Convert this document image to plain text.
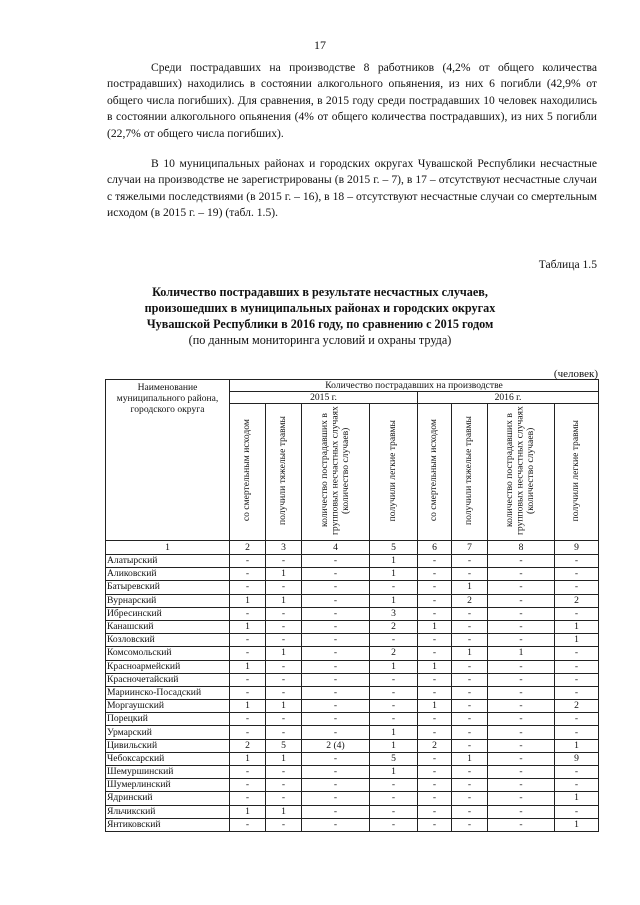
17

Среди пострадавших на производстве 8 работников (4,2% от общего количества пострадавших) находились в состоянии алкогольного опьянения, из них 6 погибли (42,9% от общего числа погибших). Для сравнения, в 2015 году среди пострадавших 10 человек находились в состоянии алкогольного опьянения (4% от общего количества пострадавших), из них 5 погибли (22,7% от общего числа погибших).

В 10 муниципальных районах и городских округах Чувашской Республики несчастные случаи на производстве не зарегистрированы (в 2015 г. – 7), в 17 – отсутствуют несчастные случаи с тяжелыми последствиями (в 2015 г. – 16), в 18 – отсутствуют несчастные случаи со смертельным исходом (в 2015 г. – 19) (табл. 1.5).

Таблица 1.5
Количество пострадавших в результате несчастных случаев,
произошедших в муниципальных районах и городских округах
Чувашской Республики в 2016 году, по сравнению с 2015 годом
(по данным мониторинга условий и охраны труда)
(человек)
Наименование муниципального района, городского округа	Количество пострадавших на производстве							
	2015 г.				2016 г.			
	со смертельным исходом	получили тяжелые травмы	количество пострадавших в групповых несчастных случаях (количество случаев)	получили легкие травмы	со смертельным исходом	получили тяжелые травмы	количество пострадавших в групповых несчастных случаях (количество случаев)	получили легкие травмы
1	2	3	4	5	6	7	8	9
Алатырский	-	-	-	1	-	-	-	-
Аликовский	-	1	-	1	-	-	-	-
Батыревский	-	-	-	-	-	1	-	-
Вурнарский	1	1	-	1	-	2	-	2
Ибресинский	-	-	-	3	-	-	-	-
Канашский	1	-	-	2	1	-	-	1
Козловский	-	-	-	-	-	-	-	1
Комсомольский	-	1	-	2	-	1	1	-
Красноармейский	1	-	-	1	1	-	-	-
Красночетайский	-	-	-	-	-	-	-	-
Мариинско-Посадский	-	-	-	-	-	-	-	-
Моргаушский	1	1	-	-	1	-	-	2
Порецкий	-	-	-	-	-	-	-	-
Урмарский	-	-	-	1	-	-	-	-
Цивильский	2	5	2 (4)	1	2	-	-	1
Чебоксарский	1	1	-	5	-	1	-	9
Шемуршинский	-	-	-	1	-	-	-	-
Шумерлинский	-	-	-	-	-	-	-	-
Ядринский	-	-	-	-	-	-	-	1
Яльчикский	1	1	-	-	-	-	-	-
Янтиковский	-	-	-	-	-	-	-	1
